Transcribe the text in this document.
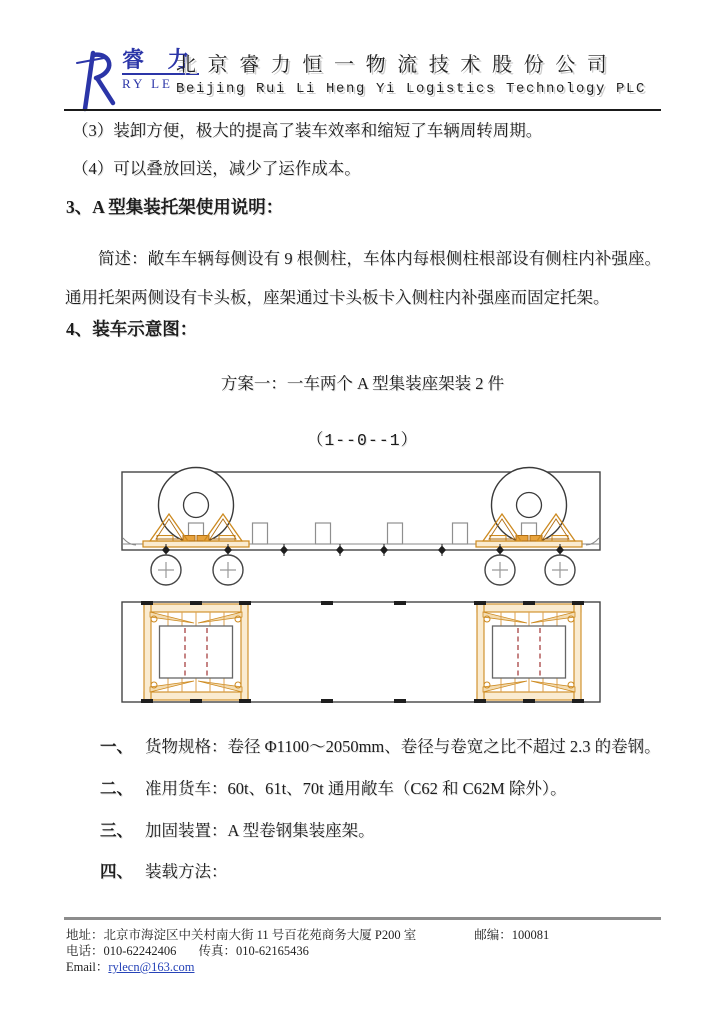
睿 力
RY LE
北京睿力恒一物流技术股份公司
Beijing Rui Li Heng Yi Logistics Technology PLC
（3）装卸方便，极大的提高了装车效率和缩短了车辆周转周期。
（4）可以叠放回送，减少了运作成本。
3、A 型集装托架使用说明：
简述：敞车车辆每侧设有 9 根侧柱，车体内每根侧柱根部设有侧柱内补强座。通用托架两侧设有卡头板，座架通过卡头板卡入侧柱内补强座而固定托架。
4、装车示意图：
方案一：一车两个 A 型集装座架装 2 件
（1--0--1）
一、 货物规格：卷径 Φ1100～2050mm、卷径与卷宽之比不超过 2.3 的卷钢。
二、 准用货车：60t、61t、70t 通用敞车（C62 和 C62M 除外）。
三、 加固装置：A 型卷钢集装座架。
四、 装载方法：
地址：北京市海淀区中关村南大街 11 号百花苑商务大厦 P200 室	邮编：100081
电话：010-62242406 传真：010-62165436
Email：rylecn@163.com
